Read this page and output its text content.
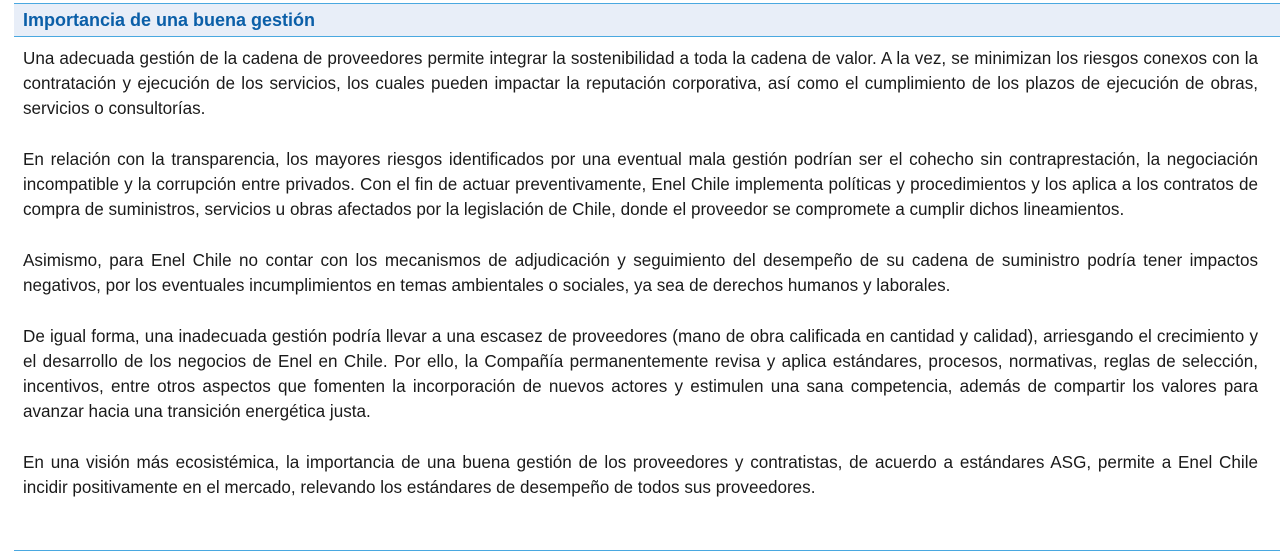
Importancia de una buena gestión

Una adecuada gestión de la cadena de proveedores permite integrar la sostenibilidad a toda la cadena de valor. A la vez, se minimizan los riesgos conexos con la contratación y ejecución de los servicios, los cuales pueden impactar la reputación corporativa, así como el cumplimiento de los plazos de ejecución de obras, servicios o consultorías.

En relación con la transparencia, los mayores riesgos identificados por una eventual mala gestión podrían ser el cohecho sin contraprestación, la negociación incompatible y la corrupción entre privados. Con el fin de actuar preventivamente, Enel Chile implementa políticas y procedimientos y los aplica a los contratos de compra de suministros, servicios u obras afectados por la legislación de Chile, donde el proveedor se compromete a cumplir dichos lineamientos.

Asimismo, para Enel Chile no contar con los mecanismos de adjudicación y seguimiento del desempeño de su cadena de suministro podría tener impactos negativos, por los eventuales incumplimientos en temas ambientales o sociales, ya sea de derechos humanos y laborales.

De igual forma, una inadecuada gestión podría llevar a una escasez de proveedores (mano de obra calificada en cantidad y calidad), arriesgando el crecimiento y el desarrollo de los negocios de Enel en Chile. Por ello, la Compañía permanentemente revisa y aplica estándares, procesos, normativas, reglas de selección, incentivos, entre otros aspectos que fomenten la incorporación de nuevos actores y estimulen una sana competencia, además de compartir los valores para avanzar hacia una transición energética justa.

En una visión más ecosistémica, la importancia de una buena gestión de los proveedores y contratistas, de acuerdo a estándares ASG, permite a Enel Chile incidir positivamente en el mercado, relevando los estándares de desempeño de todos sus proveedores.
